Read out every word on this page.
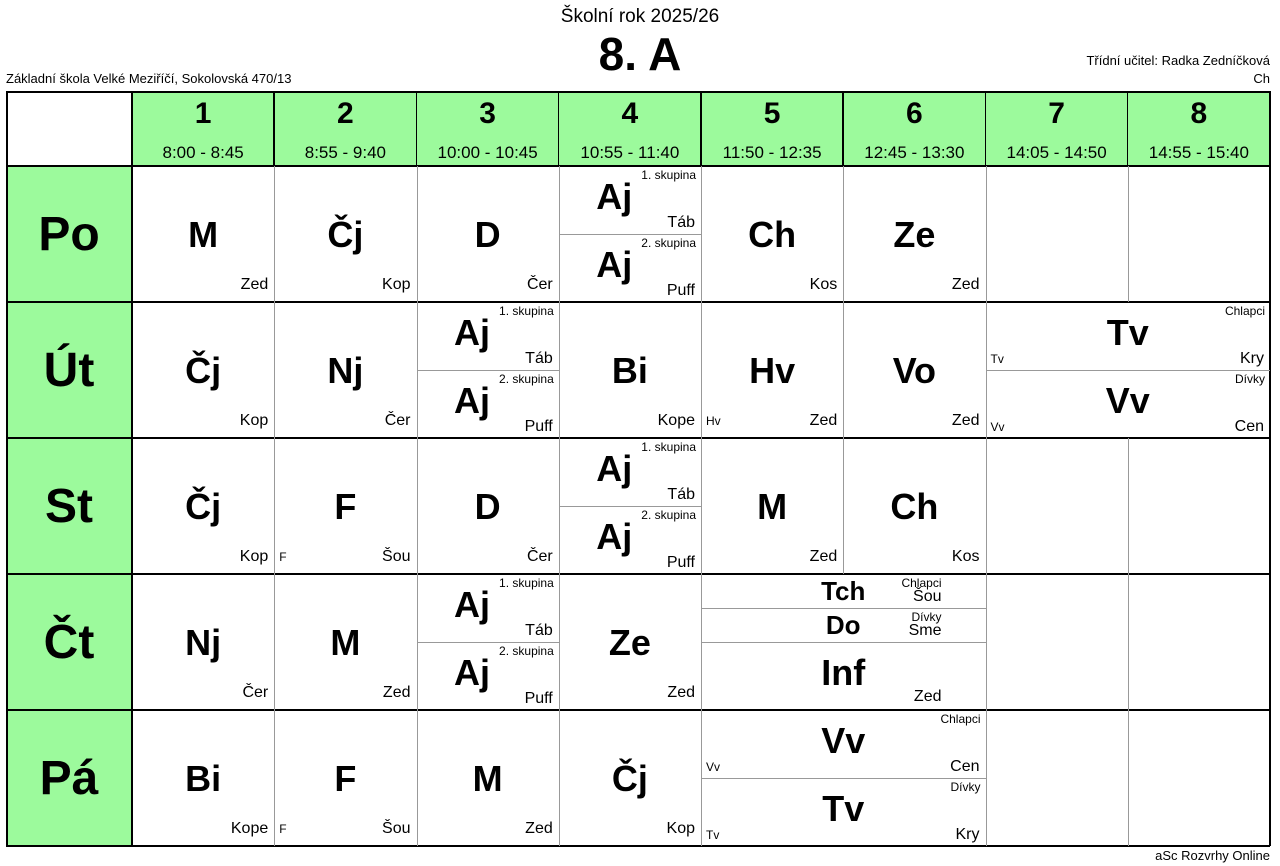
Školní rok 2025/26
8. A
Základní škola Velké Meziříčí, Sokolovská 470/13
Třídní učitel: Radka Zedníčková
Ch
1
8:00 - 8:45
2
8:55 - 9:40
3
10:00 - 10:45
4
10:55 - 11:40
5
11:50 - 12:35
6
12:45 - 13:30
7
14:05 - 14:50
8
14:55 - 15:40
Po
Út
St
Čt
Pá
M
Zed
Čj
Kop
D
Čer
1. skupina
Aj
Táb
2. skupina
Aj
Puff
Ch
Kos
Ze
Zed
Čj
Kop
Nj
Čer
1. skupina
Aj
Táb
2. skupina
Aj
Puff
Bi
Kope
Hv
Zed
Hv
Vo
Zed
Chlapci
Tv
Kry
Tv
Dívky
Vv
Cen
Vv
Čj
Kop
F
Šou
F
D
Čer
1. skupina
Aj
Táb
2. skupina
Aj
Puff
M
Zed
Ch
Kos
Nj
Čer
M
Zed
1. skupina
Aj
Táb
2. skupina
Aj
Puff
Ze
Zed
Tch	Chlapci
Šou
Do	Dívky
Sme
Inf
Zed
Bi
Kope
F
Šou
F
M
Zed
Čj
Kop
Chlapci
Vv
Cen
Vv
Dívky
Tv
Kry
Tv
aSc Rozvrhy Online
